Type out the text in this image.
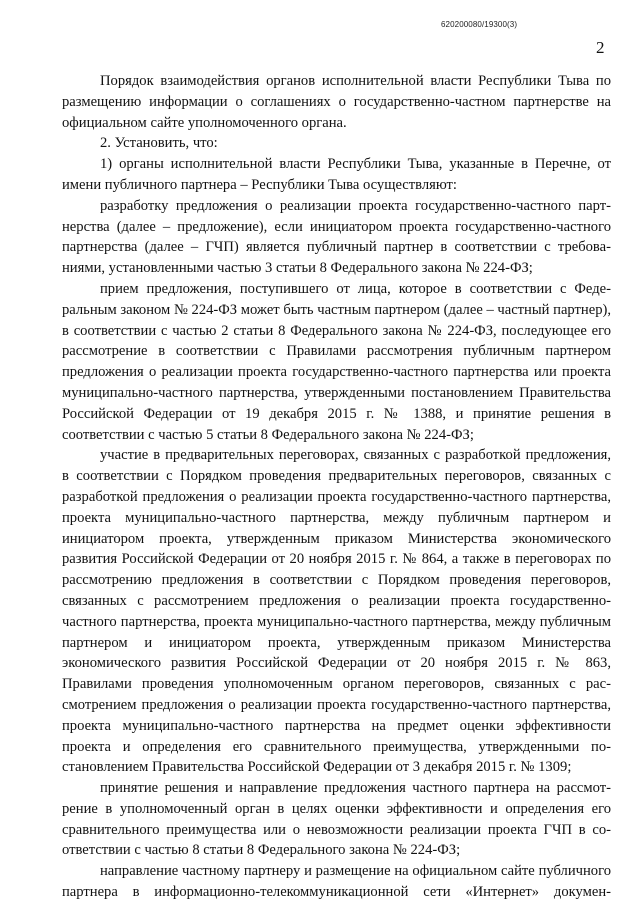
620200080/19300(3)
2

Порядок взаимодействия органов исполнительной власти Республики Тыва по размещению информации о соглашениях о государственно-частном партнерстве на официальном сайте уполномоченного органа.

2. Установить, что:

1) органы исполнительной власти Республики Тыва, указанные в Перечне, от имени публичного партнера – Республики Тыва осуществляют:

разработку предложения о реализации проекта государственно-частного партнерства (далее – предложение), если инициатором проекта государственно-частного партнерства (далее – ГЧП) является публичный партнер в соответствии с требованиями, установленными частью 3 статьи 8 Федерального закона № 224-ФЗ;

прием предложения, поступившего от лица, которое в соответствии с Федеральным законом № 224-ФЗ может быть частным партнером (далее – частный партнер), в соответствии с частью 2 статьи 8 Федерального закона № 224-ФЗ, последующее его рассмотрение в соответствии с Правилами рассмотрения публичным партнером предложения о реализации проекта государственно-частного партнерства или проекта муниципально-частного партнерства, утвержденными постановлением Правительства Российской Федерации от 19 декабря 2015 г. № 1388, и принятие решения в соответствии с частью 5 статьи 8 Федерального закона № 224-ФЗ;

участие в предварительных переговорах, связанных с разработкой предложения, в соответствии с Порядком проведения предварительных переговоров, связанных с разработкой предложения о реализации проекта государственно-частного партнерства, проекта муниципально-частного партнерства, между публичным партнером и инициатором проекта, утвержденным приказом Министерства экономического развития Российской Федерации от 20 ноября 2015 г. № 864, а также в переговорах по рассмотрению предложения в соответствии с Порядком проведения переговоров, связанных с рассмотрением предложения о реализации проекта государственно-частного партнерства, проекта муниципально-частного партнерства, между публичным партнером и инициатором проекта, утвержденным приказом Министерства экономического развития Российской Федерации от 20 ноября 2015 г. № 863, Правилами проведения уполномоченным органом переговоров, связанных с рассмотрением предложения о реализации проекта государственно-частного партнерства, проекта муниципально-частного партнерства на предмет оценки эффективности проекта и определения его сравнительного преимущества, утвержденными постановлением Правительства Российской Федерации от 3 декабря 2015 г. № 1309;

принятие решения и направление предложения частного партнера на рассмотрение в уполномоченный орган в целях оценки эффективности и определения его сравнительного преимущества или о невозможности реализации проекта ГЧП в соответствии с частью 8 статьи 8 Федерального закона № 224-ФЗ;

направление частному партнеру и размещение на официальном сайте публичного партнера в информационно-телекоммуникационной сети «Интернет» докумен-
